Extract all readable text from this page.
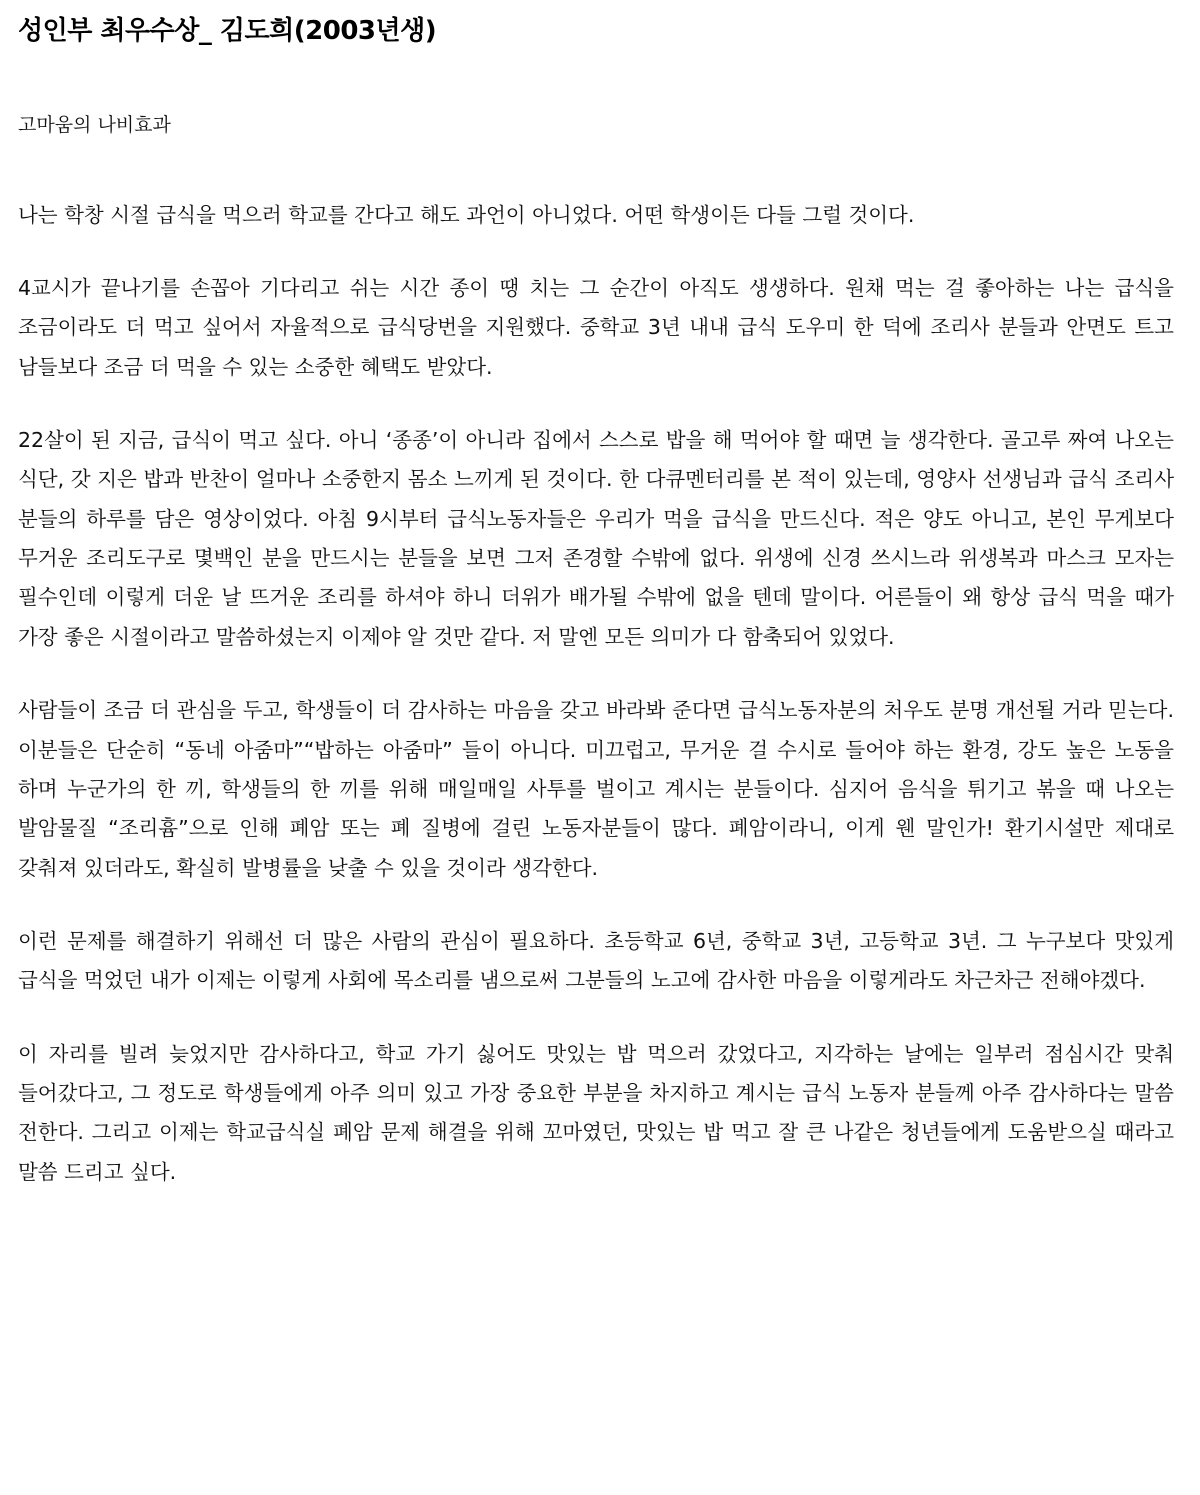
성인부 최우수상_ 김도희(2003년생)

고마움의 나비효과

나는 학창 시절 급식을 먹으러 학교를 간다고 해도 과언이 아니었다. 어떤 학생이든 다들 그럴 것이다.

4교시가 끝나기를 손꼽아 기다리고 쉬는 시간 종이 땡 치는 그 순간이 아직도 생생하다. 원채 먹는 걸 좋아하는 나는 급식을 조금이라도 더 먹고 싶어서 자율적으로 급식당번을 지원했다. 중학교 3년 내내 급식 도우미 한 덕에 조리사 분들과 안면도 트고 남들보다 조금 더 먹을 수 있는 소중한 혜택도 받았다.

22살이 된 지금, 급식이 먹고 싶다. 아니 ‘종종’이 아니라 집에서 스스로 밥을 해 먹어야 할 때면 늘 생각한다. 골고루 짜여 나오는 식단, 갓 지은 밥과 반찬이 얼마나 소중한지 몸소 느끼게 된 것이다. 한 다큐멘터리를 본 적이 있는데, 영양사 선생님과 급식 조리사 분들의 하루를 담은 영상이었다. 아침 9시부터 급식노동자들은 우리가 먹을 급식을 만드신다. 적은 양도 아니고, 본인 무게보다 무거운 조리도구로 몇백인 분을 만드시는 분들을 보면 그저 존경할 수밖에 없다. 위생에 신경 쓰시느라 위생복과 마스크 모자는 필수인데 이렇게 더운 날 뜨거운 조리를 하셔야 하니 더위가 배가될 수밖에 없을 텐데 말이다. 어른들이 왜 항상 급식 먹을 때가 가장 좋은 시절이라고 말씀하셨는지 이제야 알 것만 같다. 저 말엔 모든 의미가 다 함축되어 있었다.

사람들이 조금 더 관심을 두고, 학생들이 더 감사하는 마음을 갖고 바라봐 준다면 급식노동자분의 처우도 분명 개선될 거라 믿는다. 이분들은 단순히 “동네 아줌마”“밥하는 아줌마” 들이 아니다. 미끄럽고, 무거운 걸 수시로 들어야 하는 환경, 강도 높은 노동을 하며 누군가의 한 끼, 학생들의 한 끼를 위해 매일매일 사투를 벌이고 계시는 분들이다. 심지어 음식을 튀기고 볶을 때 나오는 발암물질 “조리흄”으로 인해 폐암 또는 폐 질병에 걸린 노동자분들이 많다. 폐암이라니, 이게 웬 말인가! 환기시설만 제대로 갖춰져 있더라도, 확실히 발병률을 낮출 수 있을 것이라 생각한다.

이런 문제를 해결하기 위해선 더 많은 사람의 관심이 필요하다. 초등학교 6년, 중학교 3년, 고등학교 3년. 그 누구보다 맛있게 급식을 먹었던 내가 이제는 이렇게 사회에 목소리를 냄으로써 그분들의 노고에 감사한 마음을 이렇게라도 차근차근 전해야겠다.

이 자리를 빌려 늦었지만 감사하다고, 학교 가기 싫어도 맛있는 밥 먹으러 갔었다고, 지각하는 날에는 일부러 점심시간 맞춰 들어갔다고, 그 정도로 학생들에게 아주 의미 있고 가장 중요한 부분을 차지하고 계시는 급식 노동자 분들께 아주 감사하다는 말씀 전한다. 그리고 이제는 학교급식실 폐암 문제 해결을 위해 꼬마였던, 맛있는 밥 먹고 잘 큰 나같은 청년들에게 도움받으실 때라고 말씀 드리고 싶다.
